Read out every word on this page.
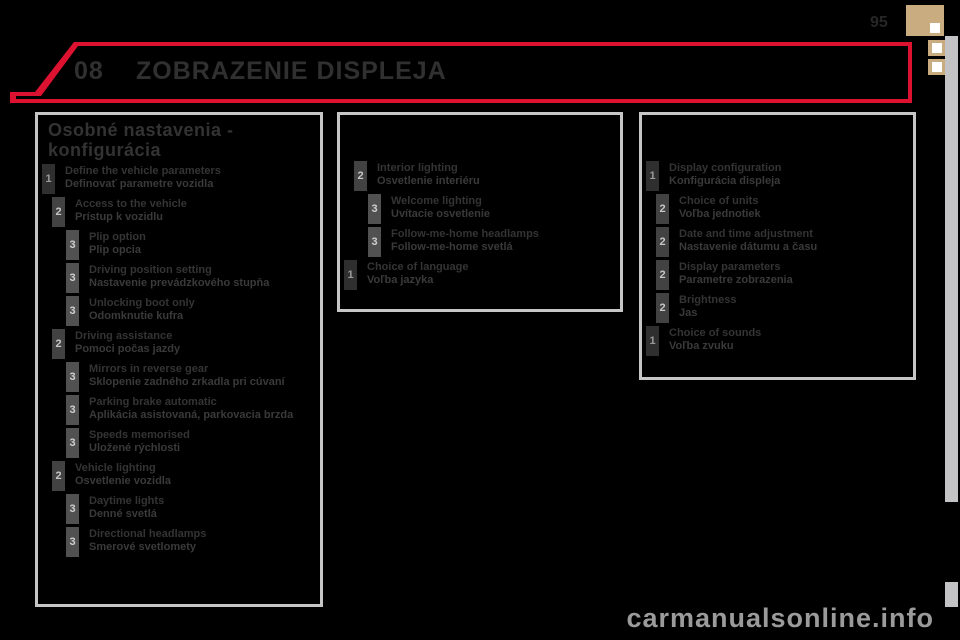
08 ZOBRAZENIE DISPLEJA
95
Osobné nastavenia -
konfigurácia
1
Define the vehicle parameters
Definovať parametre vozidla
2
Access to the vehicle
Prístup k vozidlu
3
Plip option
Plip opcia
3
Driving position setting
Nastavenie prevádzkového stupňa
3
Unlocking boot only
Odomknutie kufra
2
Driving assistance
Pomoci počas jazdy
3
Mirrors in reverse gear
Sklopenie zadného zrkadla pri cúvaní
3
Parking brake automatic
Aplikácia asistovaná, parkovacia brzda
3
Speeds memorised
Uložené rýchlosti
2
Vehicle lighting
Osvetlenie vozidla
3
Daytime lights
Denné svetlá
3
Directional headlamps
Smerové svetlomety
2
Interior lighting
Osvetlenie interiéru
3
Welcome lighting
Uvítacie osvetlenie
3
Follow-me-home headlamps
Follow-me-home svetlá
1
Choice of language
Voľba jazyka
1
Display configuration
Konfigurácia displeja
2
Choice of units
Voľba jednotiek
2
Date and time adjustment
Nastavenie dátumu a času
2
Display parameters
Parametre zobrazenia
2
Brightness
Jas
1
Choice of sounds
Voľba zvuku
carmanualsonline.info
